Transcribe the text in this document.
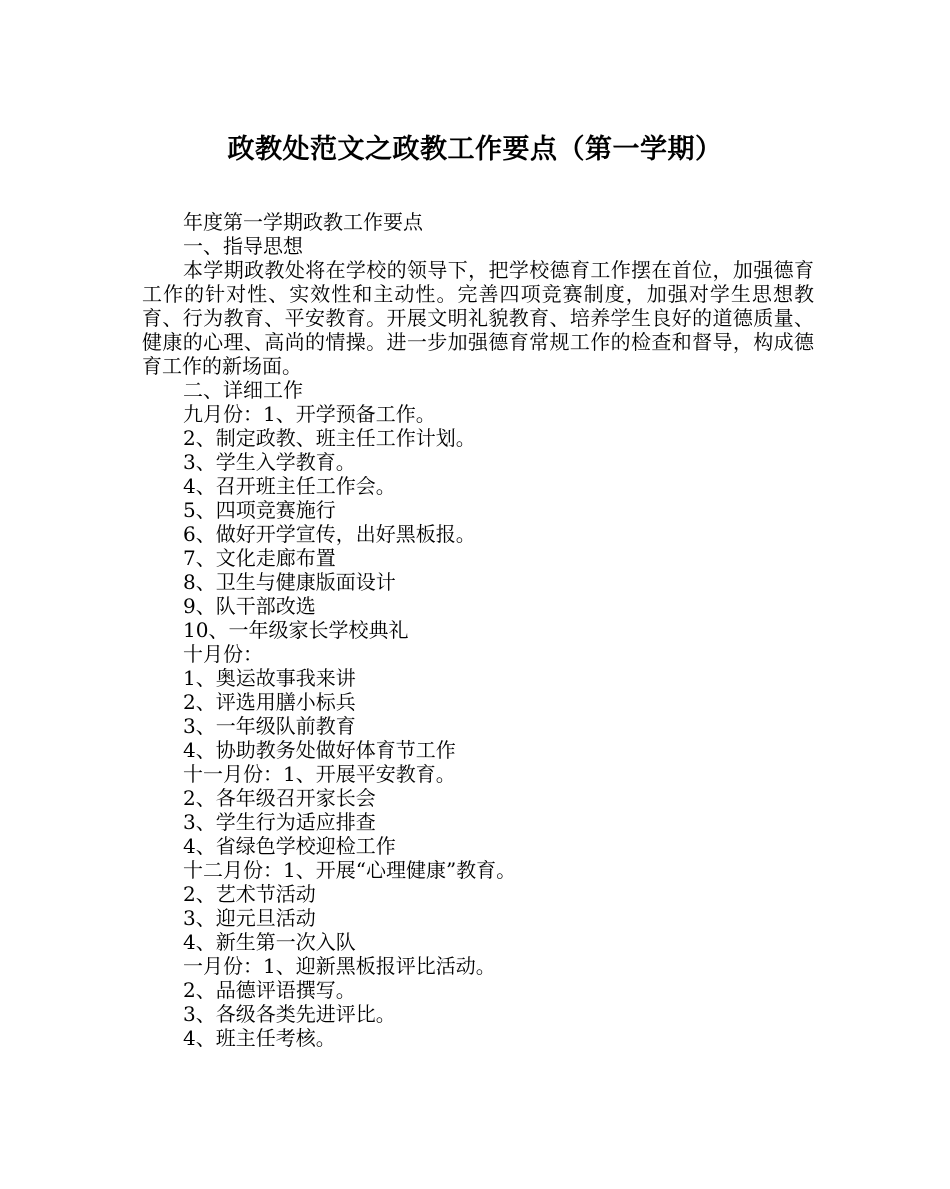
政教处范文之政教工作要点（第一学期）

年度第一学期政教工作要点

一、指导思想

本学期政教处将在学校的领导下，把学校德育工作摆在首位，加强德育工作的针对性、实效性和主动性。完善四项竞赛制度，加强对学生思想教育、行为教育、平安教育。开展文明礼貌教育、培养学生良好的道德质量、健康的心理、高尚的情操。进一步加强德育常规工作的检查和督导，构成德育工作的新场面。

二、详细工作

九月份：1、开学预备工作。

2、制定政教、班主任工作计划。

3、学生入学教育。

4、召开班主任工作会。

5、四项竞赛施行

6、做好开学宣传，出好黑板报。

7、文化走廊布置

8、卫生与健康版面设计

9、队干部改选

10、一年级家长学校典礼

十月份：

1、奥运故事我来讲

2、评选用膳小标兵

3、一年级队前教育

4、协助教务处做好体育节工作

十一月份：1、开展平安教育。

2、各年级召开家长会

3、学生行为适应排查

4、省绿色学校迎检工作

十二月份：1、开展“心理健康”教育。

2、艺术节活动

3、迎元旦活动

4、新生第一次入队

一月份：1、迎新黑板报评比活动。

2、品德评语撰写。

3、各级各类先进评比。

4、班主任考核。
